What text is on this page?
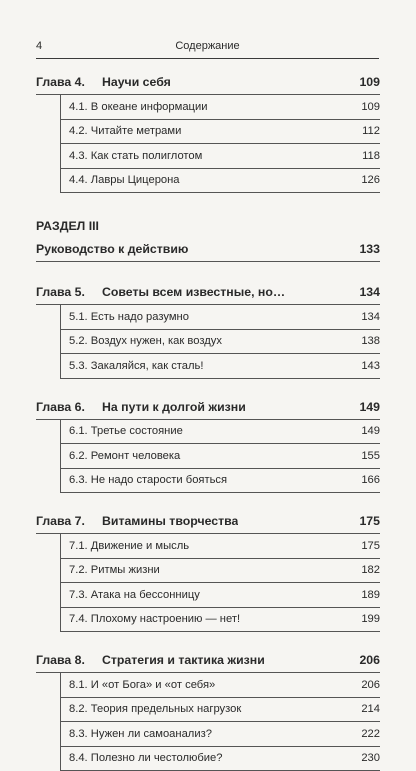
4	Содержание
Глава 4.	Научи себя	109
4.1. В океане информации	109
4.2. Читайте метрами	112
4.3. Как стать полиглотом	118
4.4. Лавры Цицерона	126
РАЗДЕЛ III
Руководство к действию	133
Глава 5.	Советы всем известные, но…	134
5.1. Есть надо разумно	134
5.2. Воздух нужен, как воздух	138
5.3. Закаляйся, как сталь!	143
Глава 6.	На пути к долгой жизни	149
6.1. Третье состояние	149
6.2. Ремонт человека	155
6.3. Не надо старости бояться	166
Глава 7.	Витамины творчества	175
7.1. Движение и мысль	175
7.2. Ритмы жизни	182
7.3. Атака на бессонницу	189
7.4. Плохому настроению — нет!	199
Глава 8.	Стратегия и тактика жизни	206
8.1. И «от Бога» и «от себя»	206
8.2. Теория предельных нагрузок	214
8.3. Нужен ли самоанализ?	222
8.4. Полезно ли честолюбие?	230
